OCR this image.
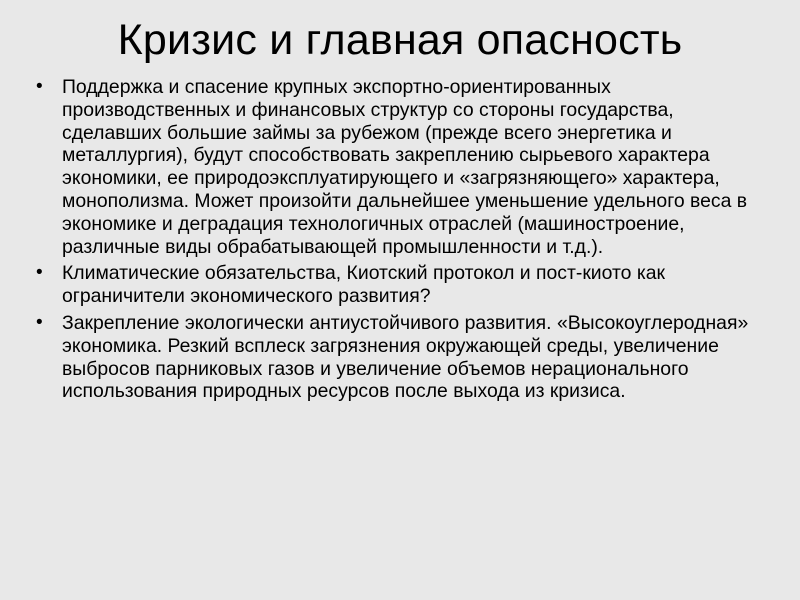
Кризис и главная опасность
• Поддержка и спасение крупных экспортно-ориентированных производственных и финансовых структур со стороны государства, сделавших большие займы за рубежом (прежде всего энергетика и металлургия), будут способствовать закреплению сырьевого характера экономики, ее природоэксплуатирующего и «загрязняющего» характера, монополизма. Может произойти дальнейшее уменьшение удельного веса в экономике и деградация технологичных отраслей (машиностроение, различные виды обрабатывающей промышленности и т.д.).
• Климатические обязательства, Киотский протокол и пост-киото как ограничители экономического развития?
• Закрепление экологически антиустойчивого развития. «Высокоуглеродная» экономика. Резкий всплеск загрязнения окружающей среды, увеличение выбросов парниковых газов и увеличение объемов нерационального использования природных ресурсов после выхода из кризиса.
